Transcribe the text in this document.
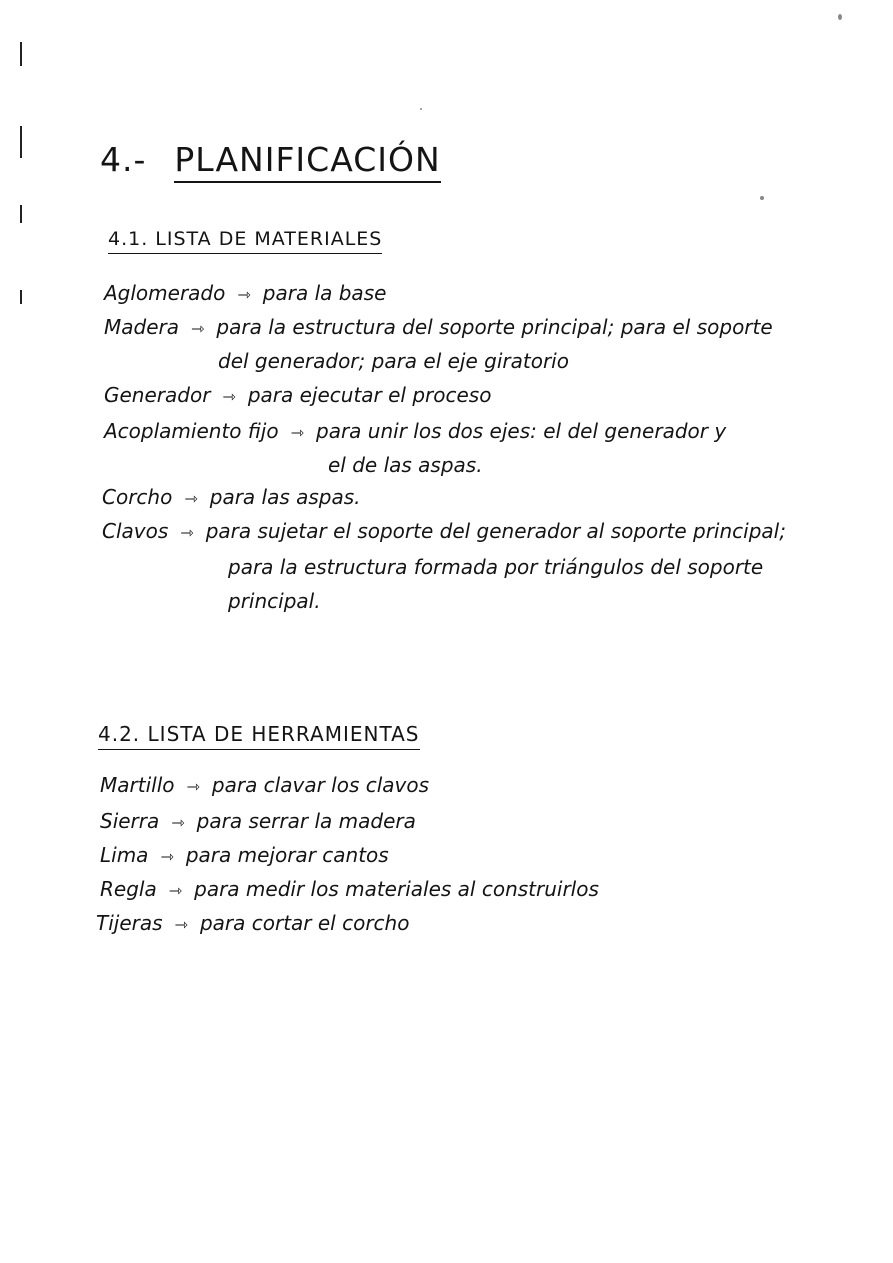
4.- PLANIFICACIÓN
4.1. LISTA DE MATERIALES

Aglomerado ⇾ para la base

Madera ⇾ para la estructura del soporte principal; para el soporte

del generador; para el eje giratorio

Generador ⇾ para ejecutar el proceso

Acoplamiento fijo ⇾ para unir los dos ejes: el del generador y

el de las aspas.

Corcho ⇾ para las aspas.

Clavos ⇾ para sujetar el soporte del generador al soporte principal;

para la estructura formada por triángulos del soporte

principal.

4.2. LISTA DE HERRAMIENTAS

Martillo ⇾ para clavar los clavos

Sierra ⇾ para serrar la madera

Lima ⇾ para mejorar cantos

Regla ⇾ para medir los materiales al construirlos

Tijeras ⇾ para cortar el corcho
